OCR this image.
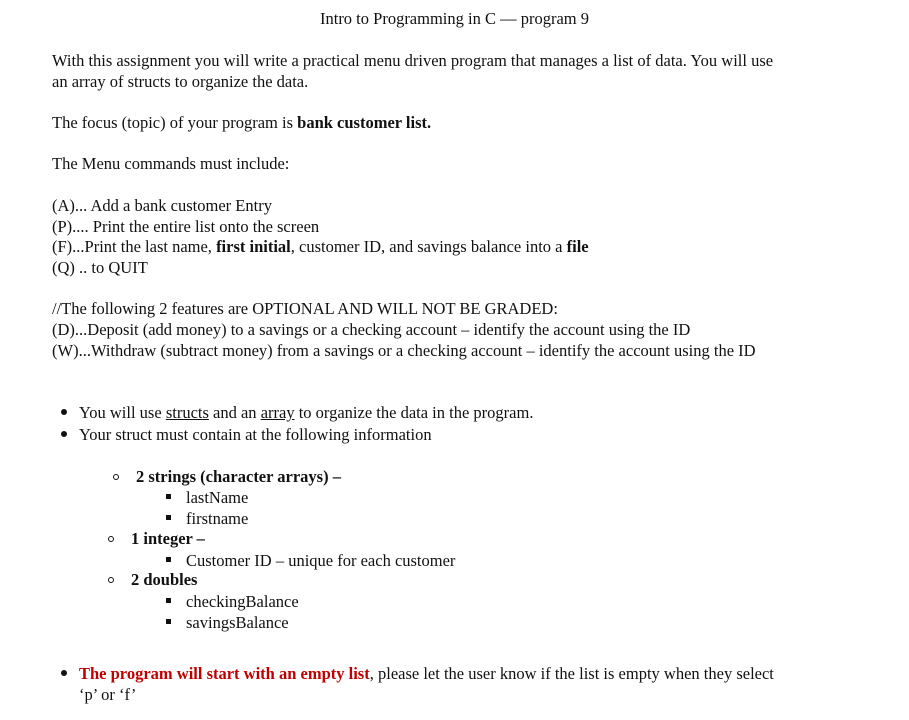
Intro to Programming in C — program 9
With this assignment you will write a practical menu driven program that manages a list of data. You will use
an array of structs to organize the data.
The focus (topic) of your program is bank customer list.
The Menu commands must include:
(A)... Add a bank customer Entry
(P).... Print the entire list onto the screen
(F)...Print the last name, first initial, customer ID, and savings balance into a file
(Q) .. to QUIT
//The following 2 features are OPTIONAL AND WILL NOT BE GRADED:
(D)...Deposit (add money) to a savings or a checking account – identify the account using the ID
(W)...Withdraw (subtract money) from a savings or a checking account – identify the account using the ID
You will use structs and an array to organize the data in the program.
Your struct must contain at the following information
2 strings (character arrays) –
lastName
firstname
1 integer –
Customer ID – unique for each customer
2 doubles
checkingBalance
savingsBalance
The program will start with an empty list, please let the user know if the list is empty when they select
‘p’ or ‘f’
